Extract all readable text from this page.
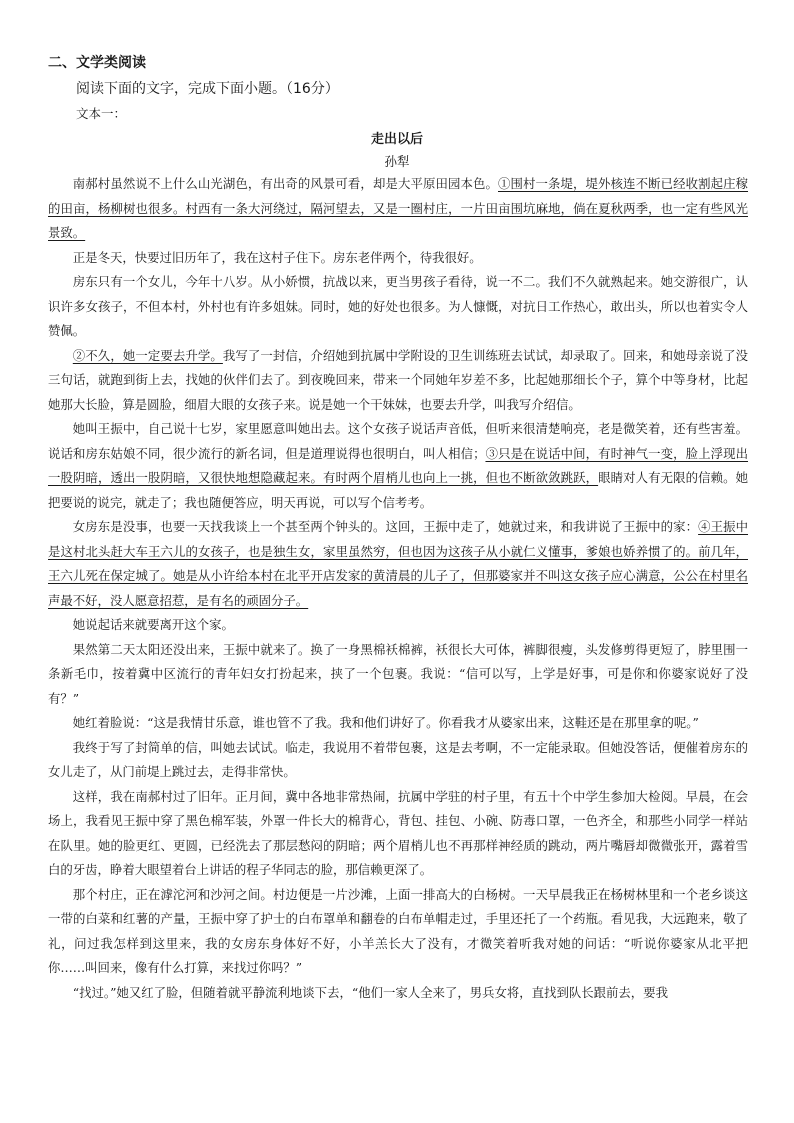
二、文学类阅读
阅读下面的文字，完成下面小题。（16分）
文本一：
走出以后
孙犁

南郝村虽然说不上什么山光湖色，有出奇的风景可看，却是大平原田园本色。①围村一条堤，堤外核连不断已经收割起庄稼的田亩，杨柳树也很多。村西有一条大河绕过，隔河望去，又是一圈村庄，一片田亩围坑麻地，倘在夏秋两季，也一定有些风光景致。

正是冬天，快要过旧历年了，我在这村子住下。房东老伴两个，待我很好。

房东只有一个女儿，今年十八岁。从小娇惯，抗战以来，更当男孩子看待，说一不二。我们不久就熟起来。她交游很广，认识许多女孩子，不但本村，外村也有许多姐妹。同时，她的好处也很多。为人慷慨，对抗日工作热心，敢出头，所以也着实令人赞佩。

②不久，她一定要去升学。我写了一封信，介绍她到抗属中学附设的卫生训练班去试试，却录取了。回来，和她母亲说了没三句话，就跑到街上去，找她的伙伴们去了。到夜晚回来，带来一个同她年岁差不多，比起她那细长个子，算个中等身材，比起她那大长脸，算是圆脸，细眉大眼的女孩子来。说是她一个干妹妹，也要去升学，叫我写介绍信。

她叫王振中，自己说十七岁，家里愿意叫她出去。这个女孩子说话声音低，但听来很清楚响亮，老是微笑着，还有些害羞。说话和房东姑娘不同，很少流行的新名词，但是道理说得也很明白，叫人相信；③只是在说话中间，有时神气一变，脸上浮现出一股阴暗，透出一股阴暗，又很快地想隐藏起来。有时两个眉梢儿也向上一挑，但也不断欲敛跳跃，眼睛对人有无限的信赖。她把要说的说完，就走了；我也随便答应，明天再说，可以写个信考考。

女房东是没事，也要一天找我谈上一个甚至两个钟头的。这回，王振中走了，她就过来，和我讲说了王振中的家：④王振中是这村北头赶大车王六儿的女孩子，也是独生女，家里虽然穷，但也因为这孩子从小就仁义懂事，爹娘也娇养惯了的。前几年，王六儿死在保定城了。她是从小许给本村在北平开店发家的黄清晨的儿子了，但那婆家并不叫这女孩子应心满意，公公在村里名声最不好，没人愿意招惹，是有名的顽固分子。

她说起话来就要离开这个家。

果然第二天太阳还没出来，王振中就来了。换了一身黑棉袄棉裤，袄很长大可体，裤脚很瘦，头发修剪得更短了，脖里围一条新毛巾，按着冀中区流行的青年妇女打扮起来，挟了一个包裹。我说：“信可以写，上学是好事，可是你和你婆家说好了没有？”

她红着脸说：“这是我情甘乐意，谁也管不了我。我和他们讲好了。你看我才从婆家出来，这鞋还是在那里拿的呢。”

我终于写了封简单的信，叫她去试试。临走，我说用不着带包裹，这是去考啊，不一定能录取。但她没答话，便催着房东的女儿走了，从门前堤上跳过去，走得非常快。

这样，我在南郝村过了旧年。正月间，冀中各地非常热闹，抗属中学驻的村子里，有五十个中学生参加大检阅。早晨，在会场上，我看见王振中穿了黑色棉军装，外罩一件长大的棉背心，背包、挂包、小碗、防毒口罩，一色齐全，和那些小同学一样站在队里。她的脸更红、更圆，已经洗去了那层愁闷的阴暗；两个眉梢儿也不再那样神经质的跳动，两片嘴唇却微微张开，露着雪白的牙齿，睁着大眼望着台上讲话的程子华同志的脸，那信赖更深了。

那个村庄，正在滹沱河和沙河之间。村边便是一片沙滩，上面一排高大的白杨树。一天早晨我正在杨树林里和一个老乡谈这一带的白菜和红薯的产量，王振中穿了护士的白布罩单和翻卷的白布单帽走过，手里还托了一个药瓶。看见我，大远跑来，敬了礼，问过我怎样到这里来，我的女房东身体好不好，小羊羔长大了没有，才微笑着听我对她的问话：“听说你婆家从北平把你……叫回来，像有什么打算，来找过你吗？”

“找过。”她又红了脸，但随着就平静流利地谈下去，“他们一家人全来了，男兵女将，直找到队长跟前去，要我
